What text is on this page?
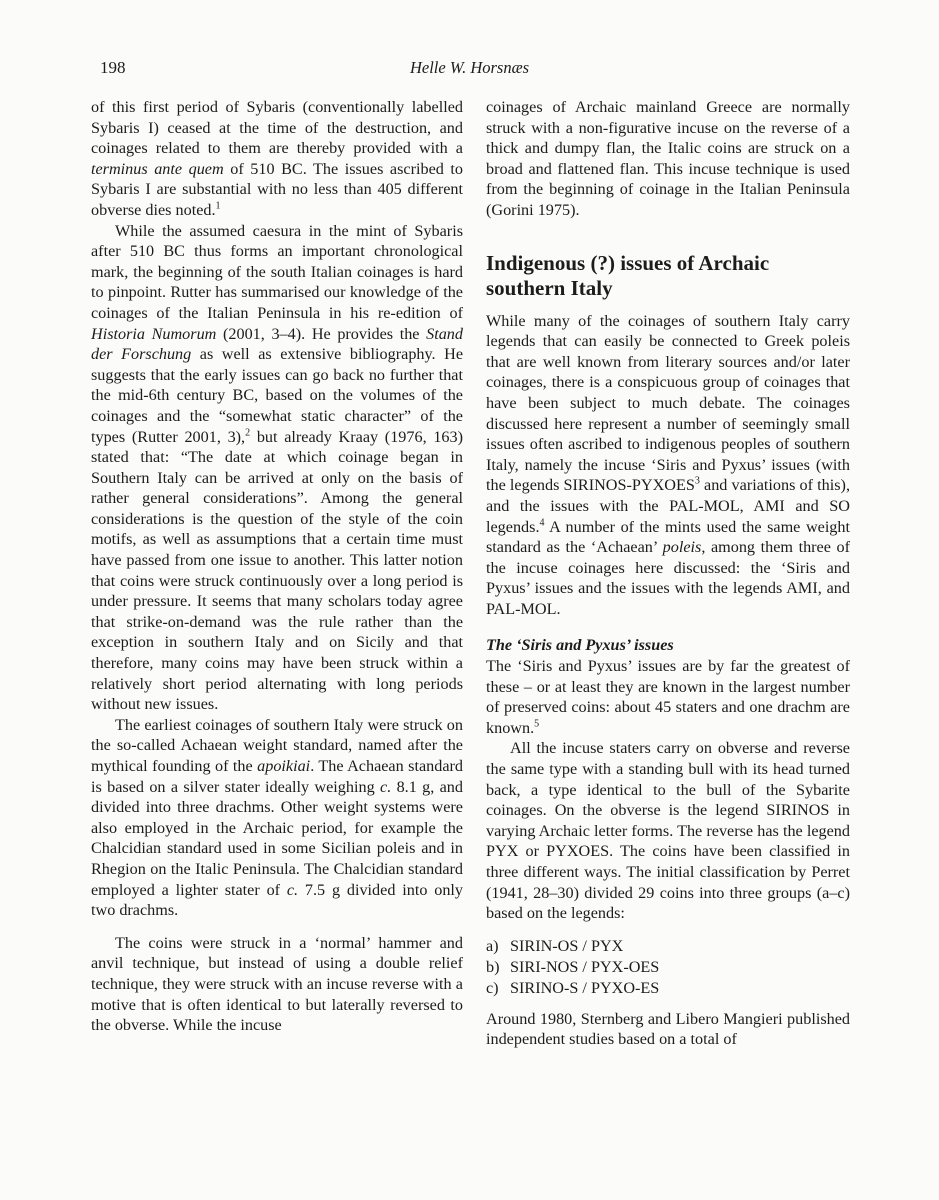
198	Helle W. Horsnæs

of this first period of Sybaris (conventionally labelled Sybaris I) ceased at the time of the destruction, and coinages related to them are thereby provided with a terminus ante quem of 510 BC. The issues ascribed to Sybaris I are substantial with no less than 405 different obverse dies noted.$^1$

While the assumed caesura in the mint of Sybaris after 510 BC thus forms an important chronological mark, the beginning of the south Italian coinages is hard to pinpoint. Rutter has summarised our knowledge of the coinages of the Italian Peninsula in his re-edition of Historia Numorum (2001, 3–4). He provides the Stand der Forschung as well as extensive bibliography. He suggests that the early issues can go back no further that the mid-6th century BC, based on the volumes of the coinages and the “somewhat static character” of the types (Rutter 2001, 3),$^2$ but already Kraay (1976, 163) stated that: “The date at which coinage began in Southern Italy can be arrived at only on the basis of rather general considerations”. Among the general considerations is the question of the style of the coin motifs, as well as assumptions that a certain time must have passed from one issue to another. This latter notion that coins were struck continuously over a long period is under pressure. It seems that many scholars today agree that strike-on-demand was the rule rather than the exception in southern Italy and on Sicily and that therefore, many coins may have been struck within a relatively short period alternating with long periods without new issues.

The earliest coinages of southern Italy were struck on the so-called Achaean weight standard, named after the mythical founding of the apoikiai. The Achaean standard is based on a silver stater ideally weighing c. 8.1 g, and divided into three drachms. Other weight systems were also employed in the Archaic period, for example the Chalcidian standard used in some Sicilian poleis and in Rhegion on the Italic Peninsula. The Chalcidian standard employed a lighter stater of c. 7.5 g divided into only two drachms.

The coins were struck in a ‘normal’ hammer and anvil technique, but instead of using a double relief technique, they were struck with an incuse reverse with a motive that is often identical to but laterally reversed to the obverse. While the incuse

coinages of Archaic mainland Greece are normally struck with a non-figurative incuse on the reverse of a thick and dumpy flan, the Italic coins are struck on a broad and flattened flan. This incuse technique is used from the beginning of coinage in the Italian Peninsula (Gorini 1975).

Indigenous (?) issues of Archaic southern Italy

While many of the coinages of southern Italy carry legends that can easily be connected to Greek poleis that are well known from literary sources and/or later coinages, there is a conspicuous group of coinages that have been subject to much debate. The coinages discussed here represent a number of seemingly small issues often ascribed to indigenous peoples of southern Italy, namely the incuse ‘Siris and Pyxus’ issues (with the legends SIRINOS-PYXOES$^3$ and variations of this), and the issues with the PAL-MOL, AMI and SO legends.$^4$ A number of the mints used the same weight standard as the ‘Achaean’ poleis, among them three of the incuse coinages here discussed: the ‘Siris and Pyxus’ issues and the issues with the legends AMI, and PAL-MOL.

The ‘Siris and Pyxus’ issues

The ‘Siris and Pyxus’ issues are by far the greatest of these – or at least they are known in the largest number of preserved coins: about 45 staters and one drachm are known.$^5$

All the incuse staters carry on obverse and reverse the same type with a standing bull with its head turned back, a type identical to the bull of the Sybarite coinages. On the obverse is the legend SIRINOS in varying Archaic letter forms. The reverse has the legend PYX or PYXOES. The coins have been classified in three different ways. The initial classification by Perret (1941, 28–30) divided 29 coins into three groups (a–c) based on the legends:

a) SIRIN-OS / PYX
b) SIRI-NOS / PYX-OES
c) SIRINO-S / PYXO-ES

Around 1980, Sternberg and Libero Mangieri published independent studies based on a total of
